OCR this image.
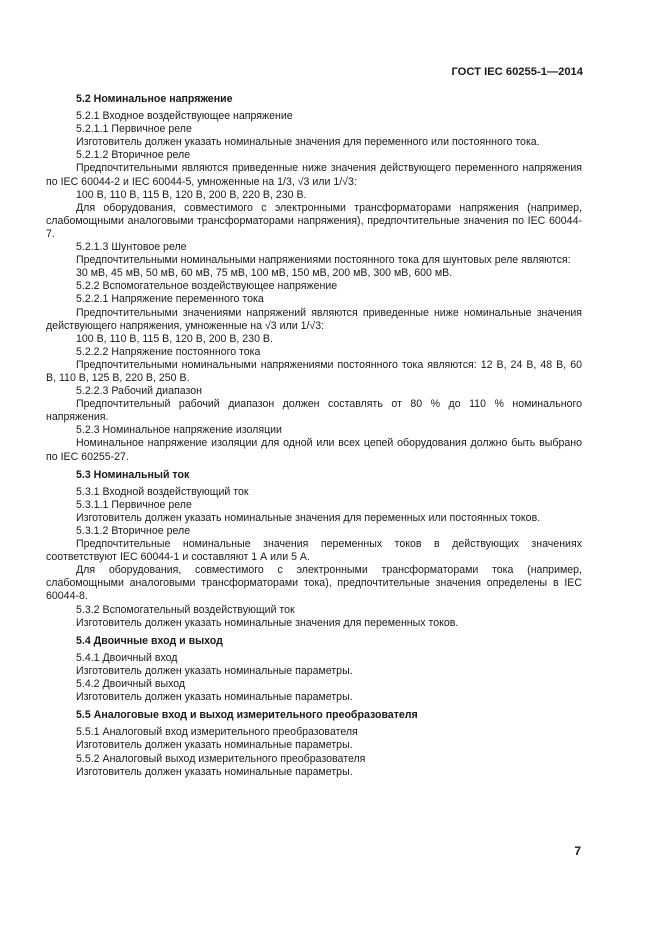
ГОСТ IEC 60255-1—2014

5.2 Номинальное напряжение

5.2.1 Входное воздействующее напряжение

5.2.1.1 Первичное реле

Изготовитель должен указать номинальные значения для переменного или постоянного тока.

5.2.1.2 Вторичное реле

Предпочтительными являются приведенные ниже значения действующего переменного напряжения по IEC 60044-2 и IEC 60044-5, умноженные на 1/3, √3 или 1/√3:

100 В, 110 В, 115 В, 120 В, 200 В, 220 В, 230 В.

Для оборудования, совместимого с электронными трансформаторами напряжения (например, слабомощными аналоговыми трансформаторами напряжения), предпочтительные значения по IEC 60044-7.

5.2.1.3 Шунтовое реле

Предпочтительными номинальными напряжениями постоянного тока для шунтовых реле являются:

30 мВ, 45 мВ, 50 мВ, 60 мВ, 75 мВ, 100 мВ, 150 мВ, 200 мВ, 300 мВ, 600 мВ.

5.2.2 Вспомогательное воздействующее напряжение

5.2.2.1 Напряжение переменного тока

Предпочтительными значениями напряжений являются приведенные ниже номинальные значения действующего напряжения, умноженные на √3 или 1/√3:

100 В, 110 В, 115 В, 120 В, 200 В, 230 В.

5.2.2.2 Напряжение постоянного тока

Предпочтительными номинальными напряжениями постоянного тока являются: 12 В, 24 В, 48 В, 60 В, 110 В, 125 В, 220 В, 250 В.

5.2.2.3 Рабочий диапазон

Предпочтительный рабочий диапазон должен составлять от 80 % до 110 % номинального напряжения.

5.2.3 Номинальное напряжение изоляции

Номинальное напряжение изоляции для одной или всех цепей оборудования должно быть выбрано по IEC 60255-27.

5.3 Номинальный ток

5.3.1 Входной воздействующий ток

5.3.1.1 Первичное реле

Изготовитель должен указать номинальные значения для переменных или постоянных токов.

5.3.1.2 Вторичное реле

Предпочтительные номинальные значения переменных токов в действующих значениях соответствуют IEC 60044-1 и составляют 1 А или 5 А.

Для оборудования, совместимого с электронными трансформаторами тока (например, слабомощными аналоговыми трансформаторами тока), предпочтительные значения определены в IEC 60044-8.

5.3.2 Вспомогательный воздействующий ток

Изготовитель должен указать номинальные значения для переменных токов.

5.4 Двоичные вход и выход

5.4.1 Двоичный вход

Изготовитель должен указать номинальные параметры.

5.4.2 Двоичный выход

Изготовитель должен указать номинальные параметры.

5.5 Аналоговые вход и выход измерительного преобразователя

5.5.1 Аналоговый вход измерительного преобразователя

Изготовитель должен указать номинальные параметры.

5.5.2 Аналоговый выход измерительного преобразователя

Изготовитель должен указать номинальные параметры.

7
